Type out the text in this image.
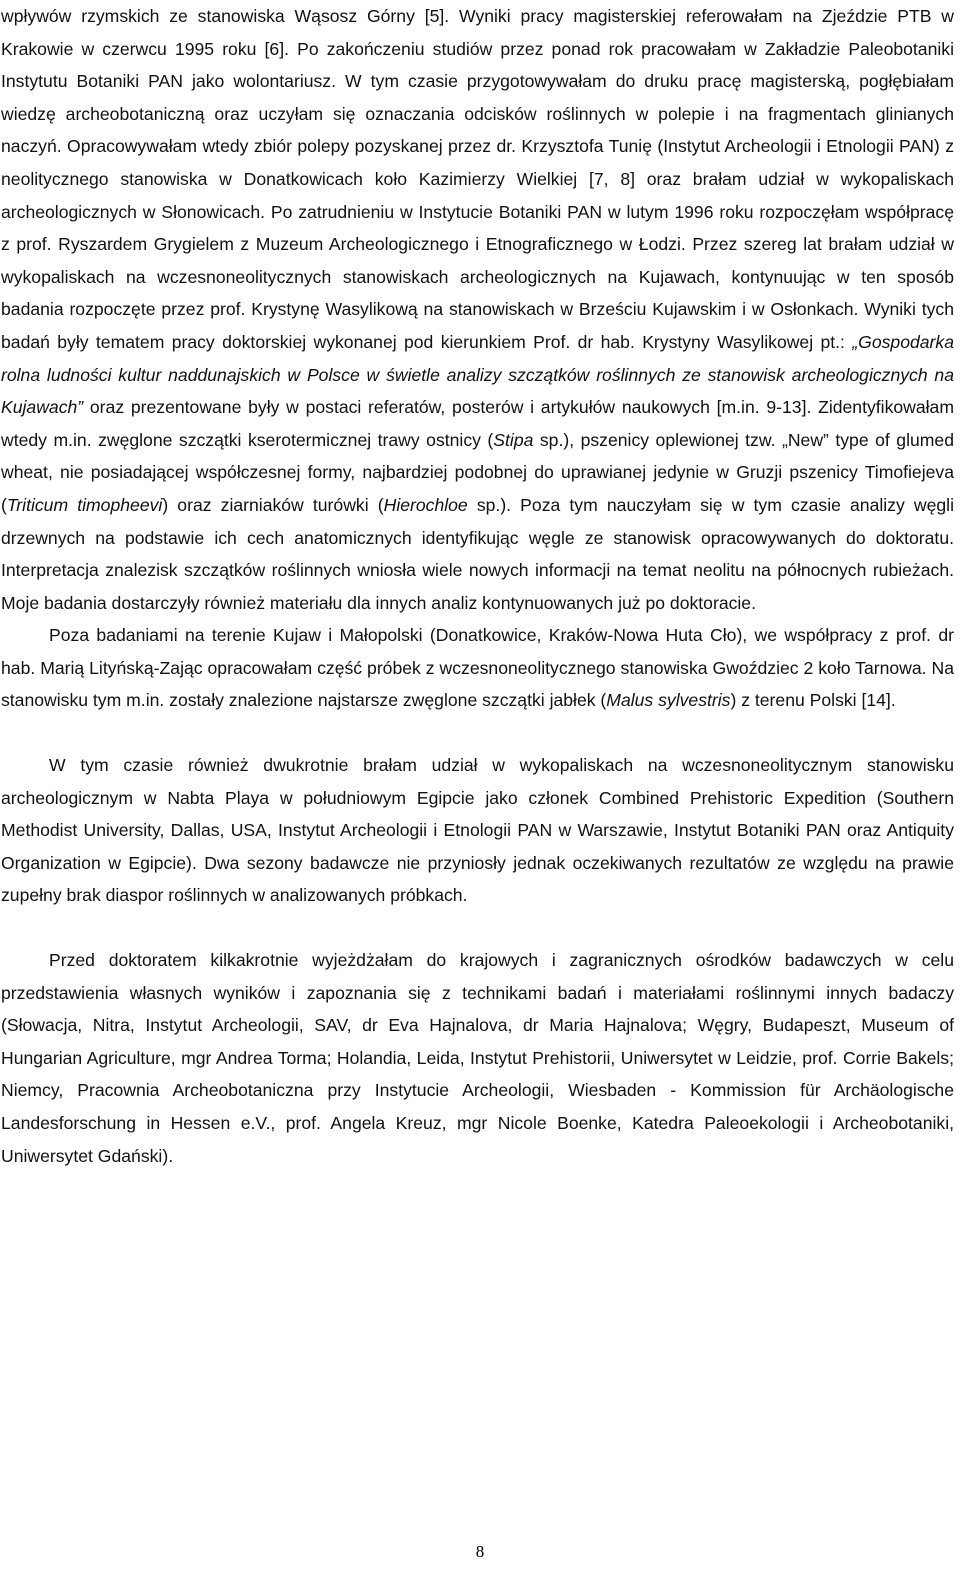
wpływów rzymskich ze stanowiska Wąsosz Górny [5]. Wyniki pracy magisterskiej referowałam na Zjeździe PTB w Krakowie w czerwcu 1995 roku [6]. Po zakończeniu studiów przez ponad rok pracowałam w Zakładzie Paleobotaniki Instytutu Botaniki PAN jako wolontariusz. W tym czasie przygotowywałam do druku pracę magisterską, pogłębiałam wiedzę archeobotaniczną oraz uczyłam się oznaczania odcisków roślinnych w polepie i na fragmentach glinianych naczyń. Opracowywałam wtedy zbiór polepy pozyskanej przez dr. Krzysztofa Tunię (Instytut Archeologii i Etnologii PAN) z neolitycznego stanowiska w Donatkowicach koło Kazimierzy Wielkiej [7, 8] oraz brałam udział w wykopaliskach archeologicznych w Słonowicach. Po zatrudnieniu w Instytucie Botaniki PAN w lutym 1996 roku rozpoczęłam współpracę z prof. Ryszardem Grygielem z Muzeum Archeologicznego i Etnograficznego w Łodzi. Przez szereg lat brałam udział w wykopaliskach na wczesnoneolitycznych stanowiskach archeologicznych na Kujawach, kontynuując w ten sposób badania rozpoczęte przez prof. Krystynę Wasylikową na stanowiskach w Brześciu Kujawskim i w Osłonkach. Wyniki tych badań były tematem pracy doktorskiej wykonanej pod kierunkiem Prof. dr hab. Krystyny Wasylikowej pt.: „Gospodarka rolna ludności kultur naddunajskich w Polsce w świetle analizy szczątków roślinnych ze stanowisk archeologicznych na Kujawach” oraz prezentowane były w postaci referatów, posterów i artykułów naukowych [m.in. 9-13]. Zidentyfikowałam wtedy m.in. zwęglone szczątki kserotermicznej trawy ostnicy (Stipa sp.), pszenicy oplewionej tzw. „New” type of glumed wheat, nie posiadającej współczesnej formy, najbardziej podobnej do uprawianej jedynie w Gruzji pszenicy Timofiejeva (Triticum timopheevi) oraz ziarniaków turówki (Hierochloe sp.). Poza tym nauczyłam się w tym czasie analizy węgli drzewnych na podstawie ich cech anatomicznych identyfikując węgle ze stanowisk opracowywanych do doktoratu. Interpretacja znalezisk szczątków roślinnych wniosła wiele nowych informacji na temat neolitu na północnych rubieżach. Moje badania dostarczyły również materiału dla innych analiz kontynuowanych już po doktoracie.

Poza badaniami na terenie Kujaw i Małopolski (Donatkowice, Kraków-Nowa Huta Cło), we współpracy z prof. dr hab. Marią Lityńską-Zając opracowałam część próbek z wczesnoneolitycznego stanowiska Gwoździec 2 koło Tarnowa. Na stanowisku tym m.in. zostały znalezione najstarsze zwęglone szczątki jabłek (Malus sylvestris) z terenu Polski [14].

W tym czasie również dwukrotnie brałam udział w wykopaliskach na wczesnoneolitycznym stanowisku archeologicznym w Nabta Playa w południowym Egipcie jako członek Combined Prehistoric Expedition (Southern Methodist University, Dallas, USA, Instytut Archeologii i Etnologii PAN w Warszawie, Instytut Botaniki PAN oraz Antiquity Organization w Egipcie). Dwa sezony badawcze nie przyniosły jednak oczekiwanych rezultatów ze względu na prawie zupełny brak diaspor roślinnych w analizowanych próbkach.

Przed doktoratem kilkakrotnie wyjeżdżałam do krajowych i zagranicznych ośrodków badawczych w celu przedstawienia własnych wyników i zapoznania się z technikami badań i materiałami roślinnymi innych badaczy (Słowacja, Nitra, Instytut Archeologii, SAV, dr Eva Hajnalova, dr Maria Hajnalova; Węgry, Budapeszt, Museum of Hungarian Agriculture, mgr Andrea Torma; Holandia, Leida, Instytut Prehistorii, Uniwersytet w Leidzie, prof. Corrie Bakels; Niemcy, Pracownia Archeobotaniczna przy Instytucie Archeologii, Wiesbaden - Kommission für Archäologische Landesforschung in Hessen e.V., prof. Angela Kreuz, mgr Nicole Boenke, Katedra Paleoekologii i Archeobotaniki, Uniwersytet Gdański).

8
